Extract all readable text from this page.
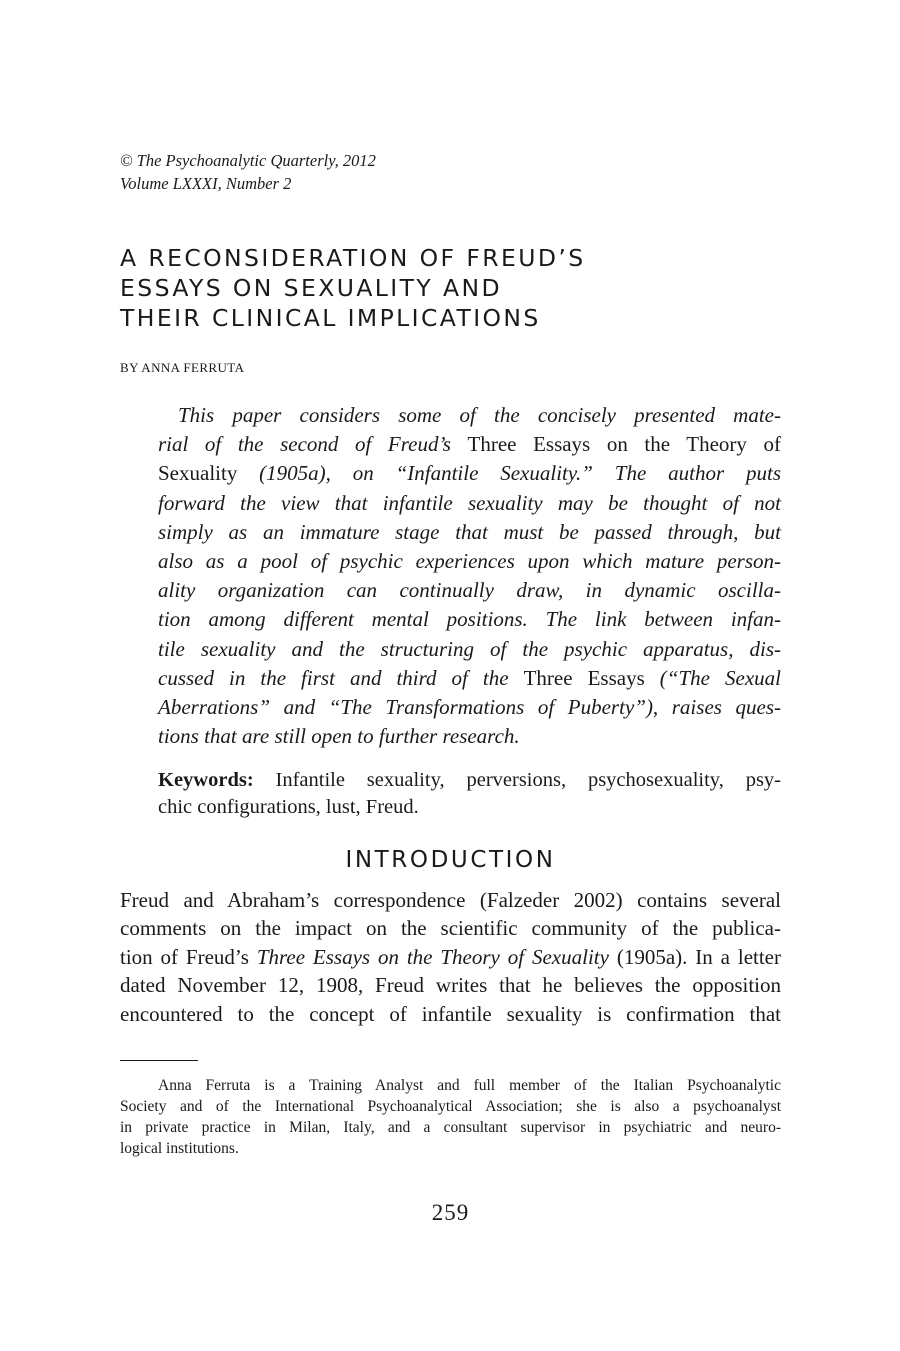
© The Psychoanalytic Quarterly, 2012
Volume LXXXI, Number 2
A RECONSIDERATION OF FREUD’S
ESSAYS ON SEXUALITY AND
THEIR CLINICAL IMPLICATIONS
BY ANNA FERRUTA
This paper considers some of the concisely presented mate-
rial of the second of Freud’s Three Essays on the Theory of
Sexuality (1905a), on “Infantile Sexuality.” The author puts
forward the view that infantile sexuality may be thought of not
simply as an immature stage that must be passed through, but
also as a pool of psychic experiences upon which mature person-
ality organization can continually draw, in dynamic oscilla-
tion among different mental positions. The link between infan-
tile sexuality and the structuring of the psychic apparatus, dis-
cussed in the first and third of the Three Essays (“The Sexual
Aberrations” and “The Transformations of Puberty”), raises ques-
tions that are still open to further research.
Keywords: Infantile sexuality, perversions, psychosexuality, psy-
chic configurations, lust, Freud.
INTRODUCTION
Freud and Abraham’s correspondence (Falzeder 2002) contains several
comments on the impact on the scientific community of the publica-
tion of Freud’s Three Essays on the Theory of Sexuality (1905a). In a letter
dated November 12, 1908, Freud writes that he believes the opposition
encountered to the concept of infantile sexuality is confirmation that
Anna Ferruta is a Training Analyst and full member of the Italian Psychoanalytic
Society and of the International Psychoanalytical Association; she is also a psychoanalyst
in private practice in Milan, Italy, and a consultant supervisor in psychiatric and neuro-
logical institutions.
259
